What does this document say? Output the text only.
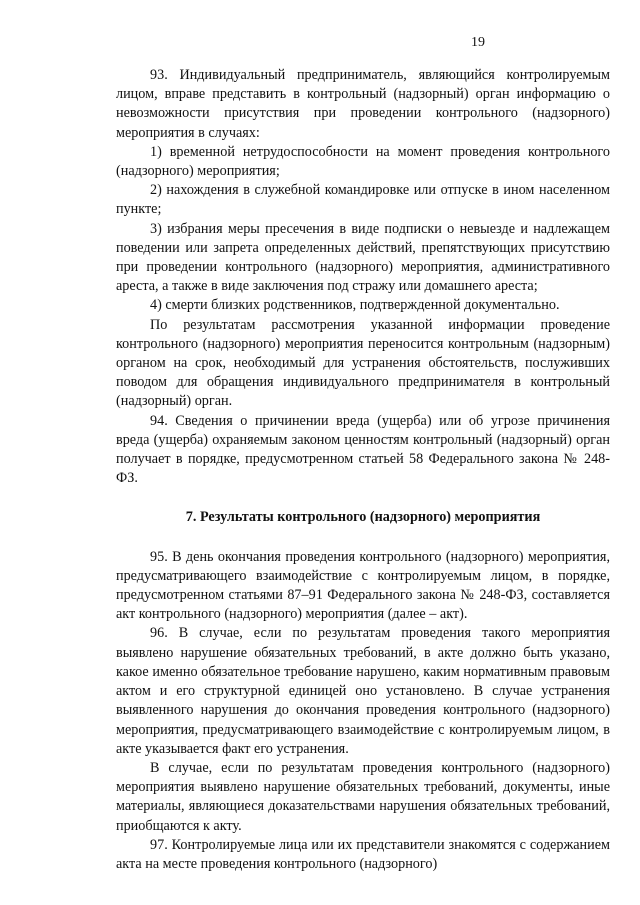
19

93. Индивидуальный предприниматель, являющийся контролируемым лицом, вправе представить в контрольный (надзорный) орган информацию о невозможности присутствия при проведении контрольного (надзорного) мероприятия в случаях:

1) временной нетрудоспособности на момент проведения контрольного (надзорного) мероприятия;

2) нахождения в служебной командировке или отпуске в ином населенном пункте;

3) избрания меры пресечения в виде подписки о невыезде и надлежащем поведении или запрета определенных действий, препятствующих присутствию при проведении контрольного (надзорного) мероприятия, административного ареста, а также в виде заключения под стражу или домашнего ареста;

4) смерти близких родственников, подтвержденной документально.

По результатам рассмотрения указанной информации проведение контрольного (надзорного) мероприятия переносится контрольным (надзорным) органом на срок, необходимый для устранения обстоятельств, послуживших поводом для обращения индивидуального предпринимателя в контрольный (надзорный) орган.

94. Сведения о причинении вреда (ущерба) или об угрозе причинения вреда (ущерба) охраняемым законом ценностям контрольный (надзорный) орган получает в порядке, предусмотренном статьей 58 Федерального закона № 248-ФЗ.

7. Результаты контрольного (надзорного) мероприятия

95. В день окончания проведения контрольного (надзорного) мероприятия, предусматривающего взаимодействие с контролируемым лицом, в порядке, предусмотренном статьями 87–91 Федерального закона № 248-ФЗ, составляется акт контрольного (надзорного) мероприятия (далее – акт).

96. В случае, если по результатам проведения такого мероприятия выявлено нарушение обязательных требований, в акте должно быть указано, какое именно обязательное требование нарушено, каким нормативным правовым актом и его структурной единицей оно установлено. В случае устранения выявленного нарушения до окончания проведения контрольного (надзорного) мероприятия, предусматривающего взаимодействие с контролируемым лицом, в акте указывается факт его устранения.

В случае, если по результатам проведения контрольного (надзорного) мероприятия выявлено нарушение обязательных требований, документы, иные материалы, являющиеся доказательствами нарушения обязательных требований, приобщаются к акту.

97. Контролируемые лица или их представители знакомятся с содержанием акта на месте проведения контрольного (надзорного)
